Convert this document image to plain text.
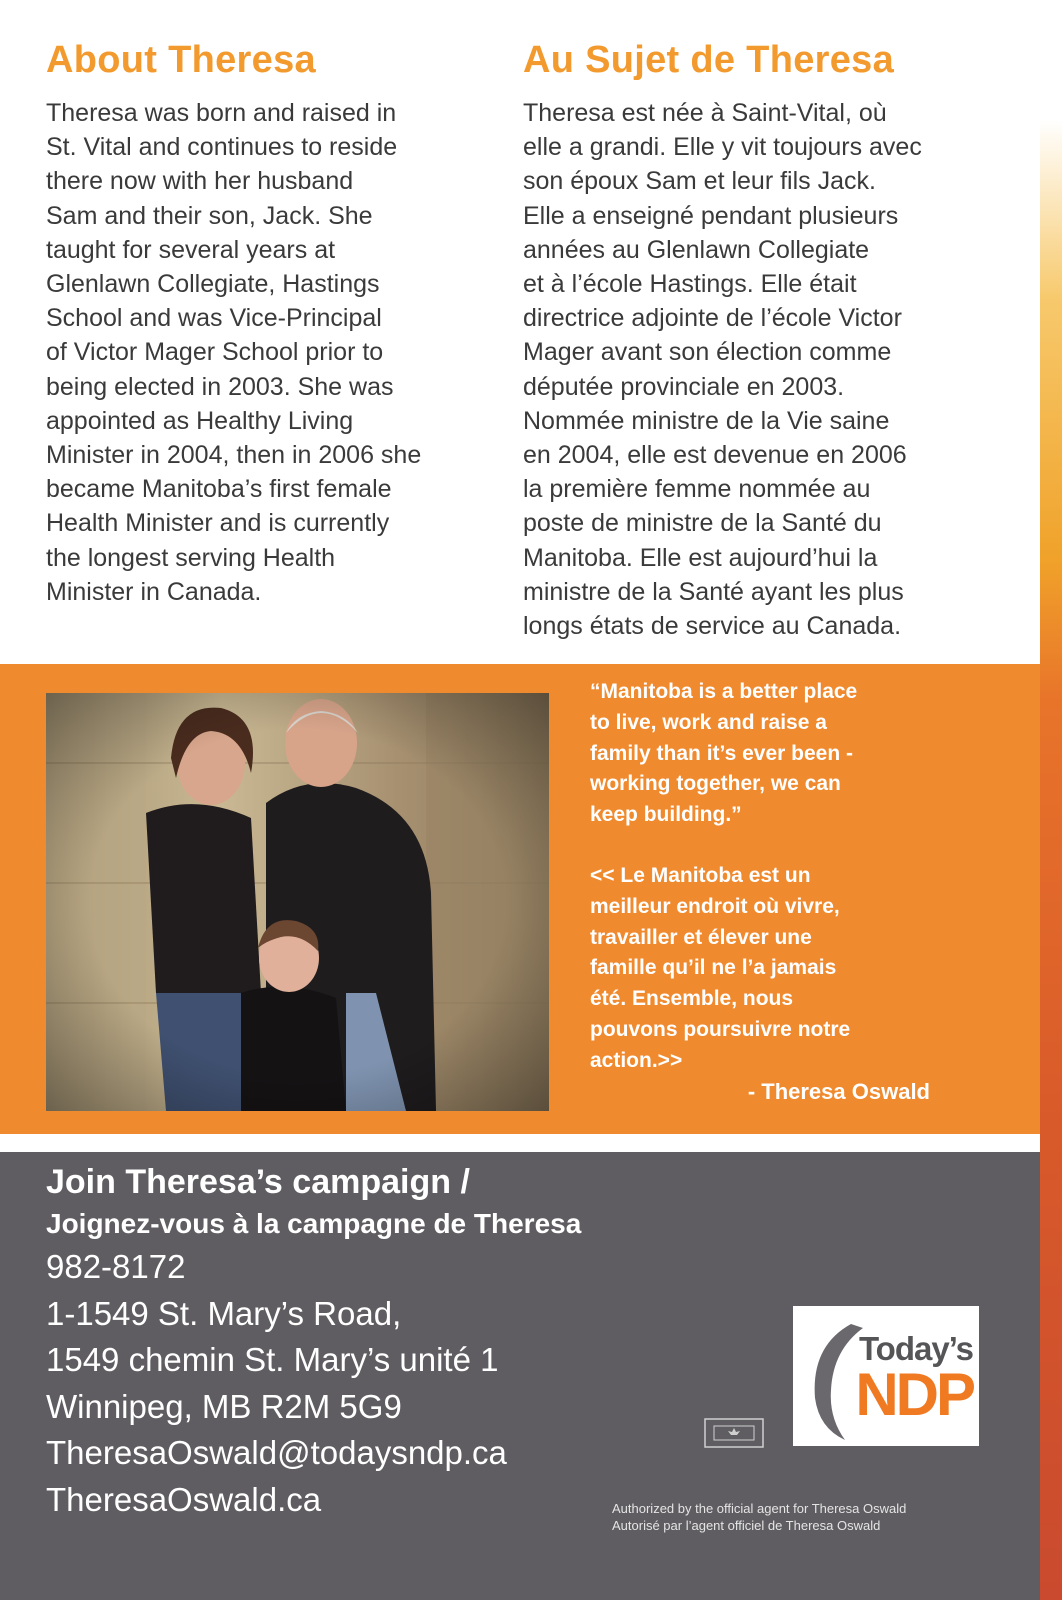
About Theresa
Theresa was born and raised in
St. Vital and continues to reside
there now with her husband
Sam and their son, Jack. She
taught for several years at
Glenlawn Collegiate, Hastings
School and was Vice-Principal
of Victor Mager School prior to
being elected in 2003. She was
appointed as Healthy Living
Minister in 2004, then in 2006 she
became Manitoba’s first female
Health Minister and is currently
the longest serving Health
Minister in Canada.
Au Sujet de Theresa
Theresa est née à Saint-Vital, où
elle a grandi. Elle y vit toujours avec
son époux Sam et leur fils Jack.
Elle a enseigné pendant plusieurs
années au Glenlawn Collegiate
et à l’école Hastings. Elle était
directrice adjointe de l’école Victor
Mager avant son élection comme
députée provinciale en 2003.
Nommée ministre de la Vie saine
en 2004, elle est devenue en 2006
la première femme nommée au
poste de ministre de la Santé du
Manitoba. Elle est aujourd’hui la
ministre de la Santé ayant les plus
longs états de service au Canada.

“Manitoba is a better place

to live, work and raise a

family than it’s ever been -

working together, we can

keep building.”

<< Le Manitoba est un

meilleur endroit où vivre,

travailler et élever une

famille qu’il ne l’a jamais

été. Ensemble, nous

pouvons poursuivre notre

action.>>

- Theresa Oswald

Join Theresa’s campaign /

Joignez-vous à la campagne de Theresa

982-8172

1-1549 St. Mary’s Road,

1549 chemin St. Mary’s unité 1

Winnipeg, MB R2M 5G9

TheresaOswald@todaysndp.ca

TheresaOswald.ca

Today’s
NDP

Authorized by the official agent for Theresa Oswald

Autorisé par l’agent officiel de Theresa Oswald
